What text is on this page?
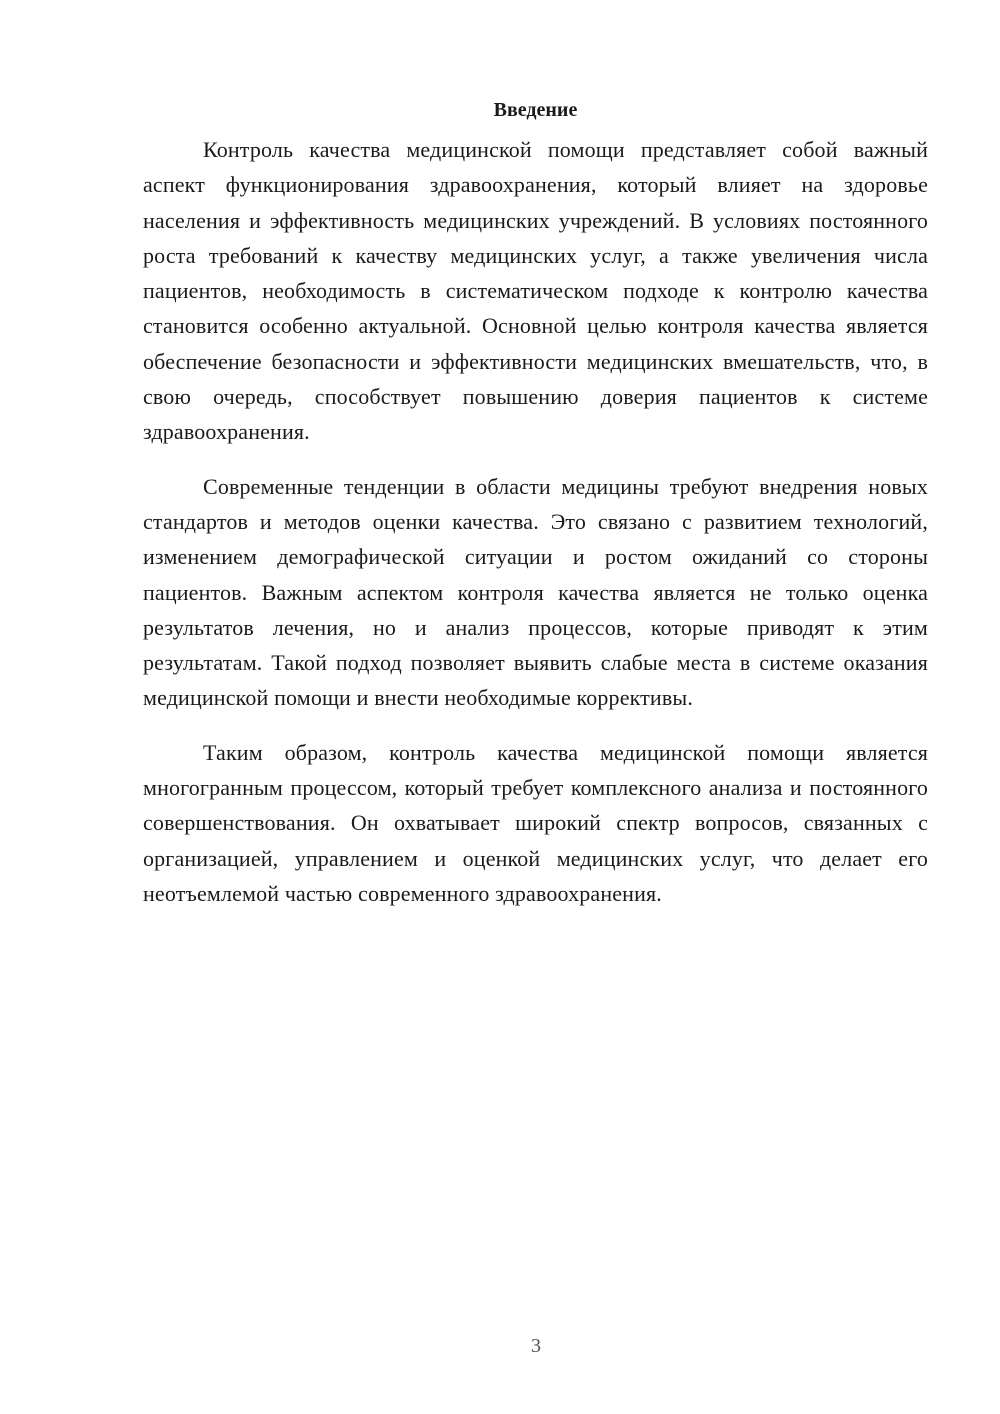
Введение

Контроль качества медицинской помощи представляет собой важный аспект функционирования здравоохранения, который влияет на здоровье населения и эффективность медицинских учреждений. В условиях постоянного роста требований к качеству медицинских услуг, а также увеличения числа пациентов, необходимость в систематическом подходе к контролю качества становится особенно актуальной. Основной целью контроля качества является обеспечение безопасности и эффективности медицинских вмешательств, что, в свою очередь, способствует повышению доверия пациентов к системе здравоохранения.

Современные тенденции в области медицины требуют внедрения новых стандартов и методов оценки качества. Это связано с развитием технологий, изменением демографической ситуации и ростом ожиданий со стороны пациентов. Важным аспектом контроля качества является не только оценка результатов лечения, но и анализ процессов, которые приводят к этим результатам. Такой подход позволяет выявить слабые места в системе оказания медицинской помощи и внести необходимые коррективы.

Таким образом, контроль качества медицинской помощи является многогранным процессом, который требует комплексного анализа и постоянного совершенствования. Он охватывает широкий спектр вопросов, связанных с организацией, управлением и оценкой медицинских услуг, что делает его неотъемлемой частью современного здравоохранения.

3
